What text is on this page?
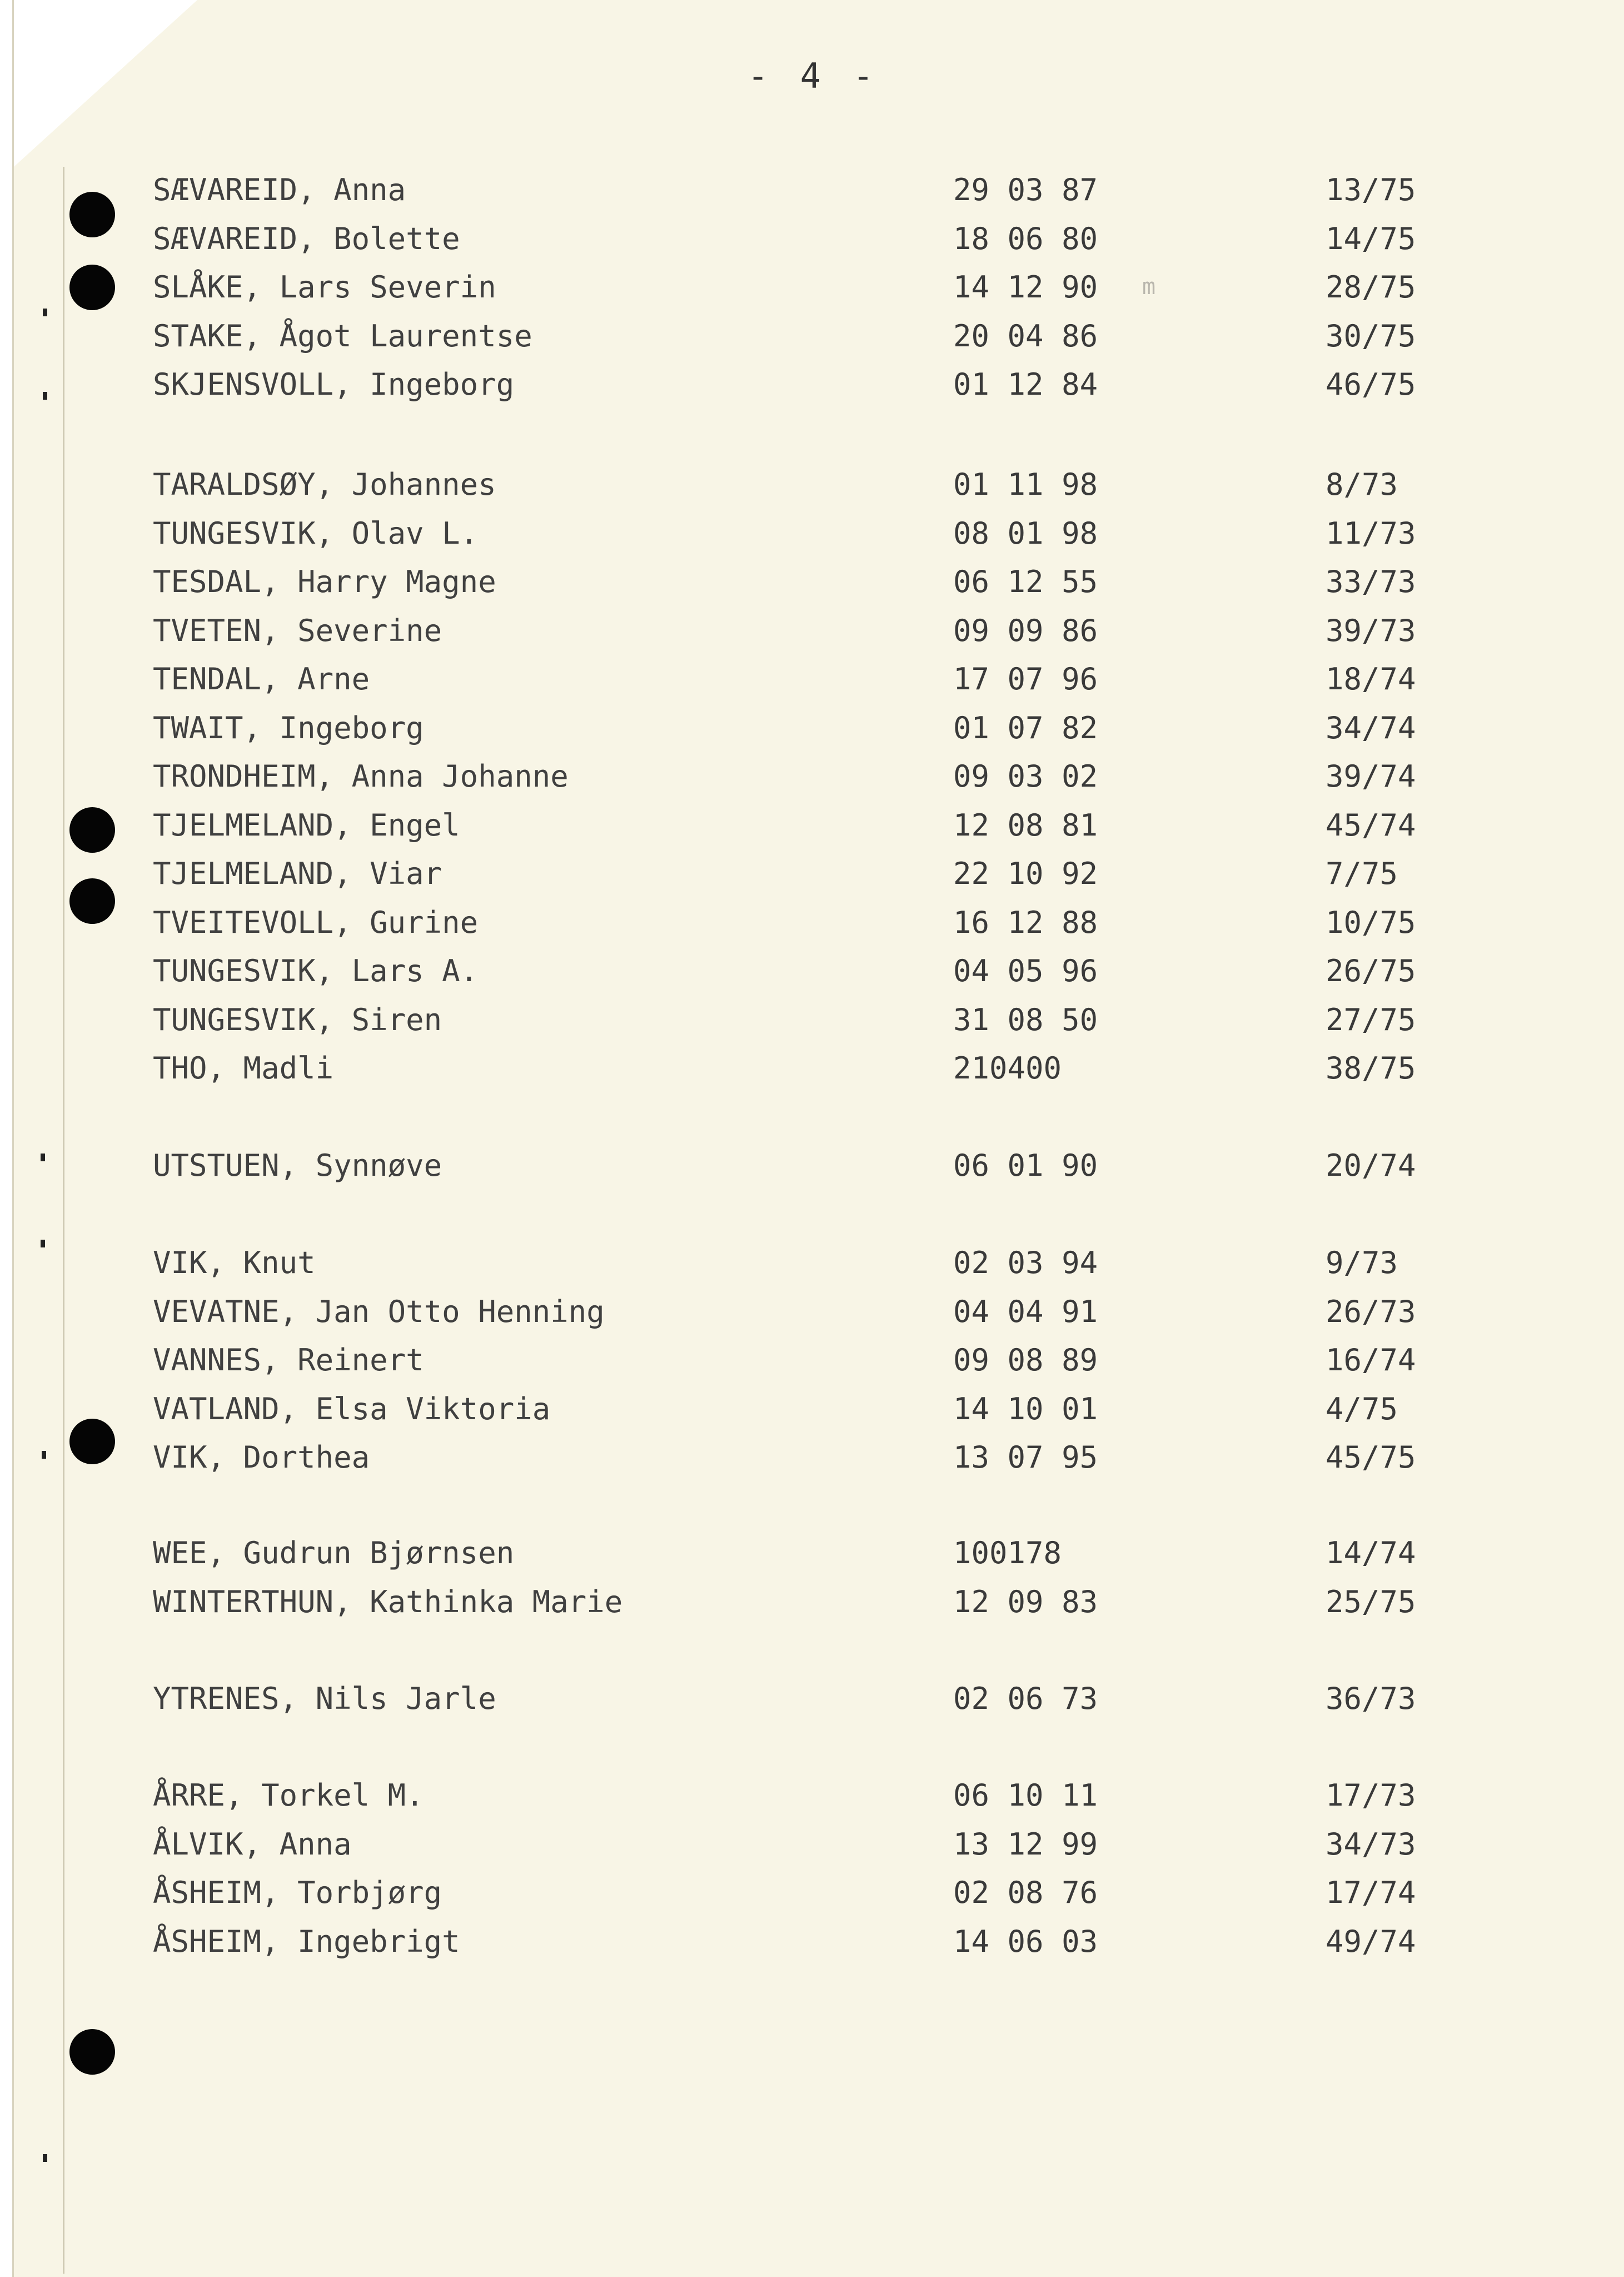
- 4 -
SÆVAREID, Anna	29 03 87	13/75
SÆVAREID, Bolette	18 06 80	14/75
SLÅKE, Lars Severin	14 12 90 m	28/75
STAKE, Ågot Laurentse	20 04 86	30/75
SKJENSVOLL, Ingeborg	01 12 84	46/75
TARALDSØY, Johannes	01 11 98	8/73
TUNGESVIK, Olav L.	08 01 98	11/73
TESDAL, Harry Magne	06 12 55	33/73
TVETEN, Severine	09 09 86	39/73
TENDAL, Arne	17 07 96	18/74
TWAIT, Ingeborg	01 07 82	34/74
TRONDHEIM, Anna Johanne	09 03 02	39/74
TJELMELAND, Engel	12 08 81	45/74
TJELMELAND, Viar	22 10 92	7/75
TVEITEVOLL, Gurine	16 12 88	10/75
TUNGESVIK, Lars A.	04 05 96	26/75
TUNGESVIK, Siren	31 08 50	27/75
THO, Madli	210400	38/75
UTSTUEN, Synnøve	06 01 90	20/74
VIK, Knut	02 03 94	9/73
VEVATNE, Jan Otto Henning	04 04 91	26/73
VANNES, Reinert	09 08 89	16/74
VATLAND, Elsa Viktoria	14 10 01	4/75
VIK, Dorthea	13 07 95	45/75
WEE, Gudrun Bjørnsen	100178	14/74
WINTERTHUN, Kathinka Marie	12 09 83	25/75
YTRENES, Nils Jarle	02 06 73	36/73
ÅRRE, Torkel M.	06 10 11	17/73
ÅLVIK, Anna	13 12 99	34/73
ÅSHEIM, Torbjørg	02 08 76	17/74
ÅSHEIM, Ingebrigt	14 06 03	49/74
